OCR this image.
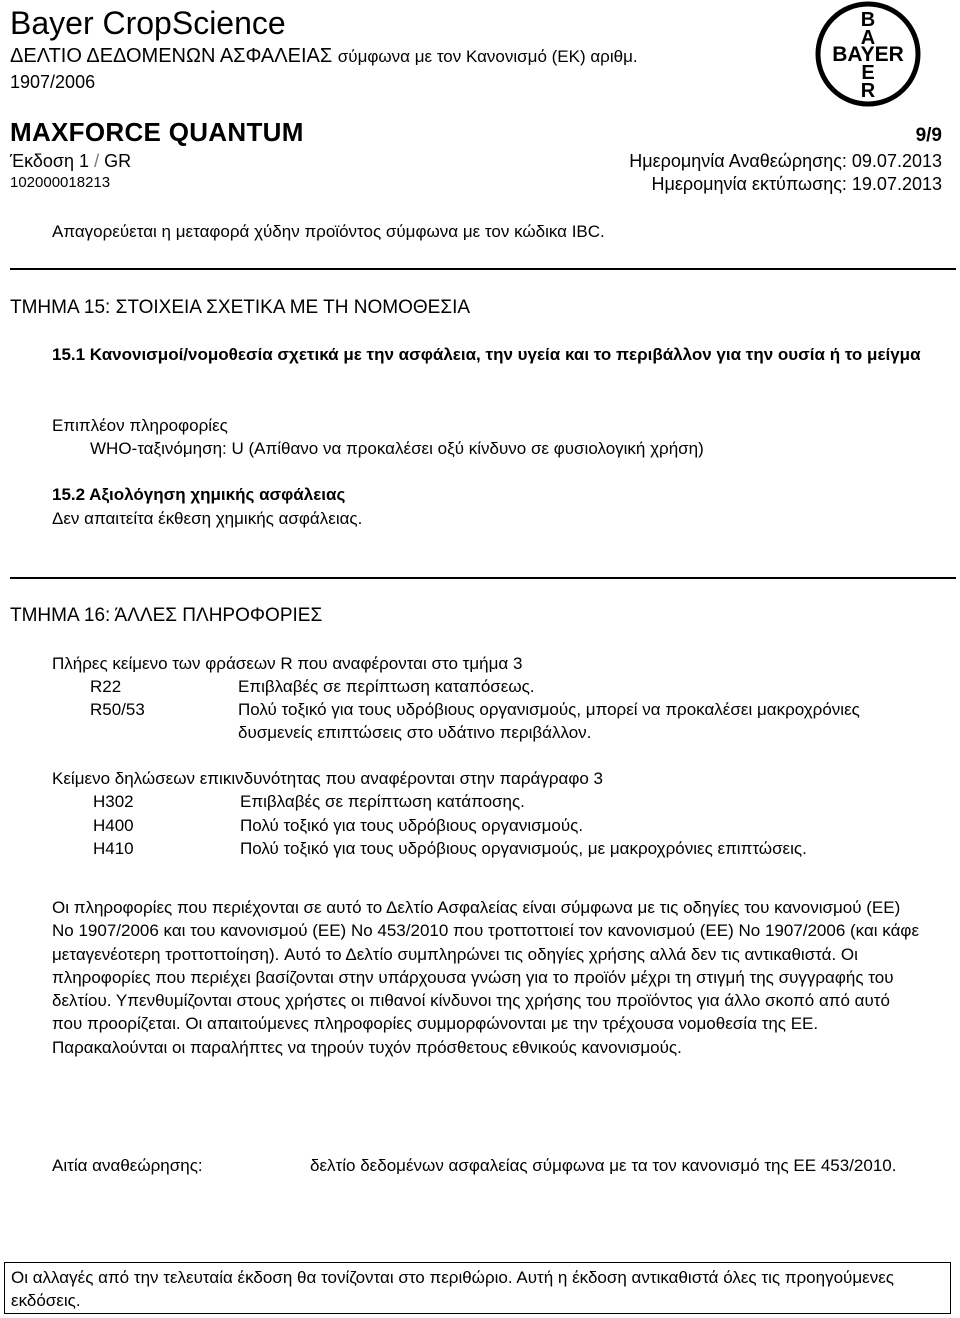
Bayer CropScience
ΔΕΛΤΙΟ ΔΕΔΟΜΕΝΩΝ ΑΣΦΑΛΕΙΑΣ σύμφωνα με τον Κανονισμό (ΕΚ) αριθμ.
1907/2006
B
A
BAYER
E
R
MAXFORCE QUANTUM	9/9
Έκδοση 1 / GR
102000018213
Ημερομηνία Αναθεώρησης: 09.07.2013
Ημερομηνία εκτύπωσης: 19.07.2013
Απαγορεύεται η μεταφορά χύδην προϊόντος σύμφωνα με τον κώδικα IBC.
ΤΜΗΜΑ 15: ΣΤΟΙΧΕΙΑ ΣΧΕΤΙΚΑ ΜΕ ΤΗ ΝΟΜΟΘΕΣΙΑ
15.1 Κανονισμοί/νομοθεσία σχετικά με την ασφάλεια, την υγεία και το περιβάλλον για την ουσία ή το μείγμα
Επιπλέον πληροφορίες
WHO-ταξινόμηση: U (Απίθανο να προκαλέσει οξύ κίνδυνο σε φυσιολογική χρήση)
15.2 Αξιολόγηση χημικής ασφάλειας
Δεν απαιτείτα έκθεση χημικής ασφάλειας.
ΤΜΗΜΑ 16: ΆΛΛΕΣ ΠΛΗΡΟΦΟΡΙΕΣ
Πλήρες κείμενο των φράσεων R που αναφέρονται στο τμήμα 3
R22	Επιβλαβές σε περίπτωση καταπόσεως.
R50/53	Πολύ τοξικό για τους υδρόβιους οργανισμούς, μπορεί να προκαλέσει μακροχρόνιες δυσμενείς επιπτώσεις στο υδάτινο περιβάλλον.
Κείμενο δηλώσεων επικινδυνότητας που αναφέρονται στην παράγραφο 3
H302	Επιβλαβές σε περίπτωση κατάποσης.
H400	Πολύ τοξικό για τους υδρόβιους οργανισμούς.
H410	Πολύ τοξικό για τους υδρόβιους οργανισμούς, με μακροχρόνιες επιπτώσεις.
Οι πληροφορίες που περιέχονται σε αυτό το Δελτίο Ασφαλείας είναι σύμφωνα με τις οδηγίες του κανονισμού (ΕΕ) No 1907/2006 και του κανονισμού (ΕΕ) No 453/2010 που τροττοττοιεί τον κανονισμού (ΕΕ) No 1907/2006 (και κάφε μεταγενέοτερη τροττοττοίηση). Αυτό το Δελτίο συμπληρώνει τις οδηγίες χρήσης αλλά δεν τις αντικαθιστά. Οι πληροφορίες που περιέχει βασίζονται στην υπάρχουσα γνώση για το προϊόν μέχρι τη στιγμή της συγγραφής του δελτίου. Υπενθυμίζονται στους χρήστες οι πιθανοί κίνδυνοι της χρήσης του προϊόντος για άλλο σκοπό από αυτό που προορίζεται. Οι απαιτούμενες πληροφορίες συμμορφώνονται με την τρέχουσα νομοθεσία της ΕΕ. Παρακαλούνται οι παραλήπτες να τηρούν τυχόν πρόσθετους εθνικούς κανονισμούς.
Αιτία αναθεώρησης:	δελτίο δεδομένων ασφαλείας σύμφωνα με τα τον κανονισμό της ΕΕ 453/2010.
Οι αλλαγές από την τελευταία έκδοση θα τονίζονται στο περιθώριο. Αυτή η έκδοση αντικαθιστά όλες τις προηγούμενες εκδόσεις.
